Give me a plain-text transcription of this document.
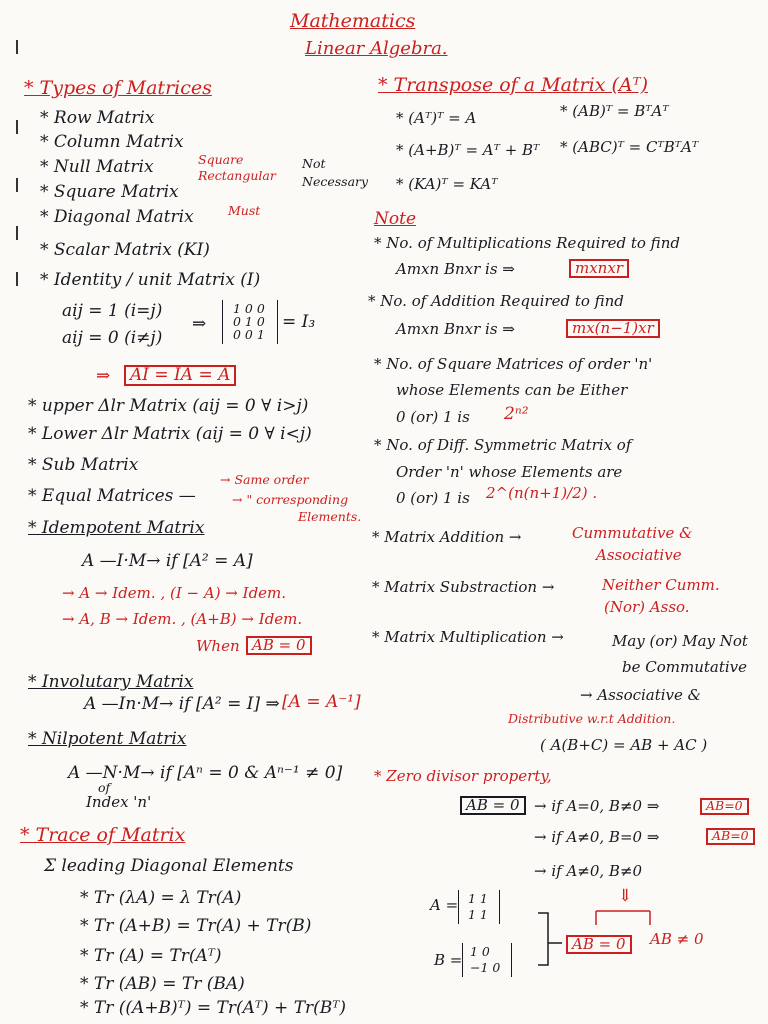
Mathematics
Linear Algebra.
* Types of Matrices
* Row Matrix
* Column Matrix
* Null Matrix	Square
Rectangular
Not
Necessary
* Square Matrix
* Diagonal Matrix	Must
* Scalar Matrix (KI)
* Identity / unit Matrix (I)
aij = 1 (i=j)
aij = 0 (i≠j)
⇒
1 0 0
0 1 0
0 0 1
= I₃
⇒	AI = IA = A
* upper Δlr Matrix (aij = 0 ∀ i>j)
* Lower Δlr Matrix (aij = 0 ∀ i<j)
* Sub Matrix
* Equal Matrices —
→ Same order
→ " corresponding
Elements.
* Idempotent Matrix
A —I·M→ if [A² = A]
→ A → Idem. , (I − A) → Idem.
→ A, B → Idem. , (A+B) → Idem.
When AB = 0
* Involutary Matrix
A —In·M→ if [A² = I] ⇒ [A = A⁻¹]
* Nilpotent Matrix
A —N·M→ if [Aⁿ = 0 & Aⁿ⁻¹ ≠ 0]
of
Index 'n'
* Trace of Matrix
Σ leading Diagonal Elements
* Tr (λA) = λ Tr(A)
* Tr (A+B) = Tr(A) + Tr(B)
* Tr (A) = Tr(Aᵀ)
* Tr (AB) = Tr (BA)
* Tr ((A+B)ᵀ) = Tr(Aᵀ) + Tr(Bᵀ)
* Transpose of a Matrix (Aᵀ)
* (Aᵀ)ᵀ = A	* (AB)ᵀ = BᵀAᵀ
* (A+B)ᵀ = Aᵀ + Bᵀ * (ABC)ᵀ = CᵀBᵀAᵀ
* (KA)ᵀ = KAᵀ
Note
* No. of Multiplications Required to find
Amxn Bnxr is ⇒	mxnxr
* No. of Addition Required to find
Amxn Bnxr is ⇒	mx(n−1)xr
* No. of Square Matrices of order 'n'
whose Elements can be Either
0 (or) 1 is 2ⁿ²
* No. of Diff. Symmetric Matrix of
Order 'n' whose Elements are
0 (or) 1 is 2^(n(n+1)/2) .
* Matrix Addition →	Cummutative &
Associative
* Matrix Substraction →	Neither Cumm.
(Nor) Asso.
* Matrix Multiplication →	May (or) May Not
be Commutative
→ Associative &
Distributive w.r.t Addition.
( A(B+C) = AB + AC )
* Zero divisor property,
AB = 0 → if A=0, B≠0 ⇒	AB=0
→ if A≠0, B=0 ⇒	AB=0
→ if A≠0, B≠0
⇓
A = 1 1
1 1
B = 1 0
−1 0
AB = 0	AB ≠ 0
